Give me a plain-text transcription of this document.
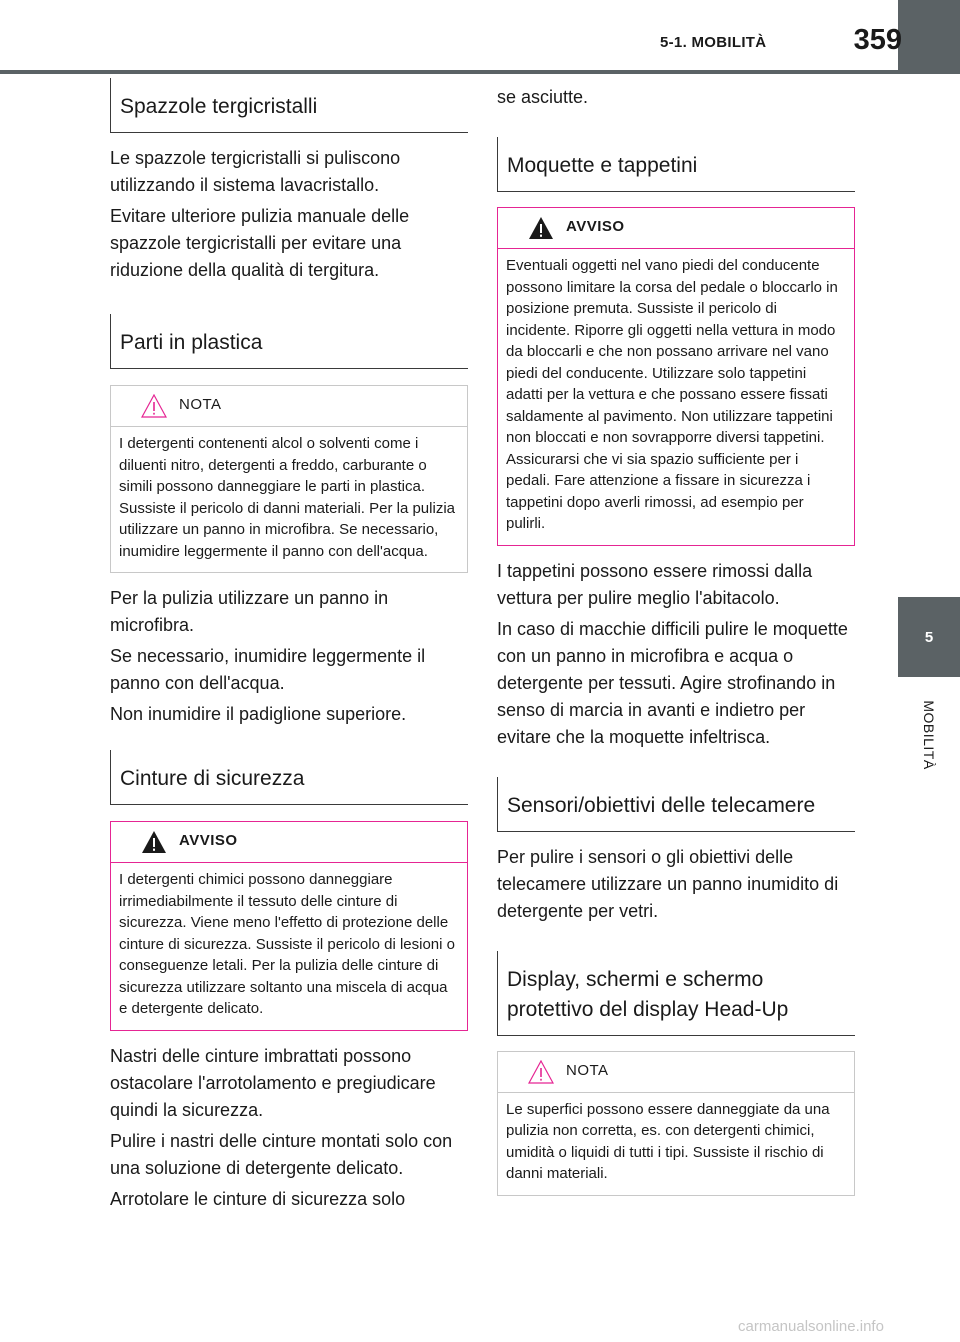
5-1. MOBILITÀ	359
5
MOBILITÀ
Spazzole tergicristalli

Le spazzole tergicristalli si puliscono utilizzando il sistema lavacristallo.

Evitare ulteriore pulizia manuale delle spazzole tergicristalli per evitare una riduzione della qualità di tergitura.

Parti in plastica
NOTA
I detergenti contenenti alcol o solventi come i diluenti nitro, detergenti a freddo, carburante o simili possono danneggiare le parti in plastica. Sussiste il pericolo di danni materiali. Per la pulizia utilizzare un panno in microfibra. Se necessario, inumidire leggermente il panno con dell'acqua.

Per la pulizia utilizzare un panno in microfibra.

Se necessario, inumidire leggermente il panno con dell'acqua.

Non inumidire il padiglione superiore.

Cinture di sicurezza
AVVISO
I detergenti chimici possono danneggiare irrimediabilmente il tessuto delle cinture di sicurezza. Viene meno l'effetto di protezione delle cinture di sicurezza. Sussiste il pericolo di lesioni o conseguenze letali. Per la pulizia delle cinture di sicurezza utilizzare soltanto una miscela di acqua e detergente delicato.

Nastri delle cinture imbrattati possono ostacolare l'arrotolamento e pregiudicare quindi la sicurezza.

Pulire i nastri delle cinture montati solo con una soluzione di detergente delicato.

Arrotolare le cinture di sicurezza solo

se asciutte.

Moquette e tappetini
AVVISO
Eventuali oggetti nel vano piedi del conducente possono limitare la corsa del pedale o bloccarlo in posizione premuta. Sussiste il pericolo di incidente. Riporre gli oggetti nella vettura in modo da bloccarli e che non possano arrivare nel vano piedi del conducente. Utilizzare solo tappetini adatti per la vettura e che possano essere fissati saldamente al pavimento. Non utilizzare tappetini non bloccati e non sovrapporre diversi tappetini. Assicurarsi che vi sia spazio sufficiente per i pedali. Fare attenzione a fissare in sicurezza i tappetini dopo averli rimossi, ad esempio per pulirli.

I tappetini possono essere rimossi dalla vettura per pulire meglio l'abitacolo.

In caso di macchie difficili pulire le moquette con un panno in microfibra e acqua o detergente per tessuti. Agire strofinando in senso di marcia in avanti e indietro per evitare che la moquette infeltrisca.

Sensori/obiettivi delle telecamere

Per pulire i sensori o gli obiettivi delle telecamere utilizzare un panno inumidito di detergente per vetri.

Display, schermi e schermo protettivo del display Head-Up
NOTA
Le superfici possono essere danneggiate da una pulizia non corretta, es. con detergenti chimici, umidità o liquidi di tutti i tipi. Sussiste il rischio di danni materiali.
carmanualsonline.info
